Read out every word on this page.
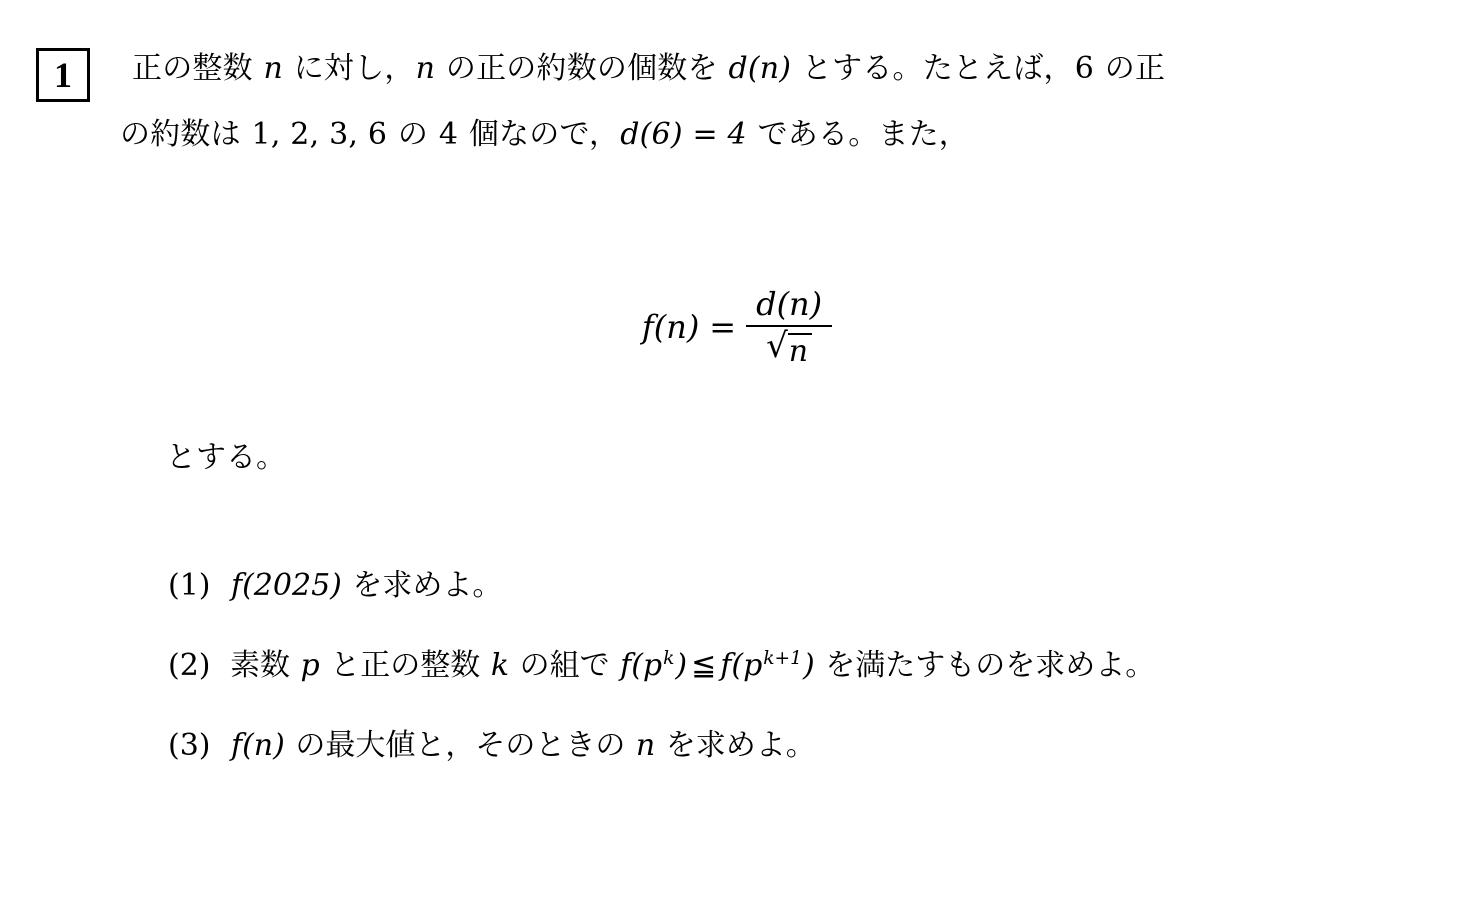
1 正の整数 n に対し，n の正の約数の個数を d(n) とする。たとえば，6 の正
の約数は 1, 2, 3, 6 の 4 個なので，d(6) = 4 である。また，
$f(n) = \frac{d(n)}{√ n}$
とする。
(1) f(2025) を求めよ。
(2) 素数 p と正の整数 k の組で $f(p^k)$ ≦ $f(p^{k+1})$ を満たすものを求めよ。
(3) f(n) の最大値と，そのときの n を求めよ。
